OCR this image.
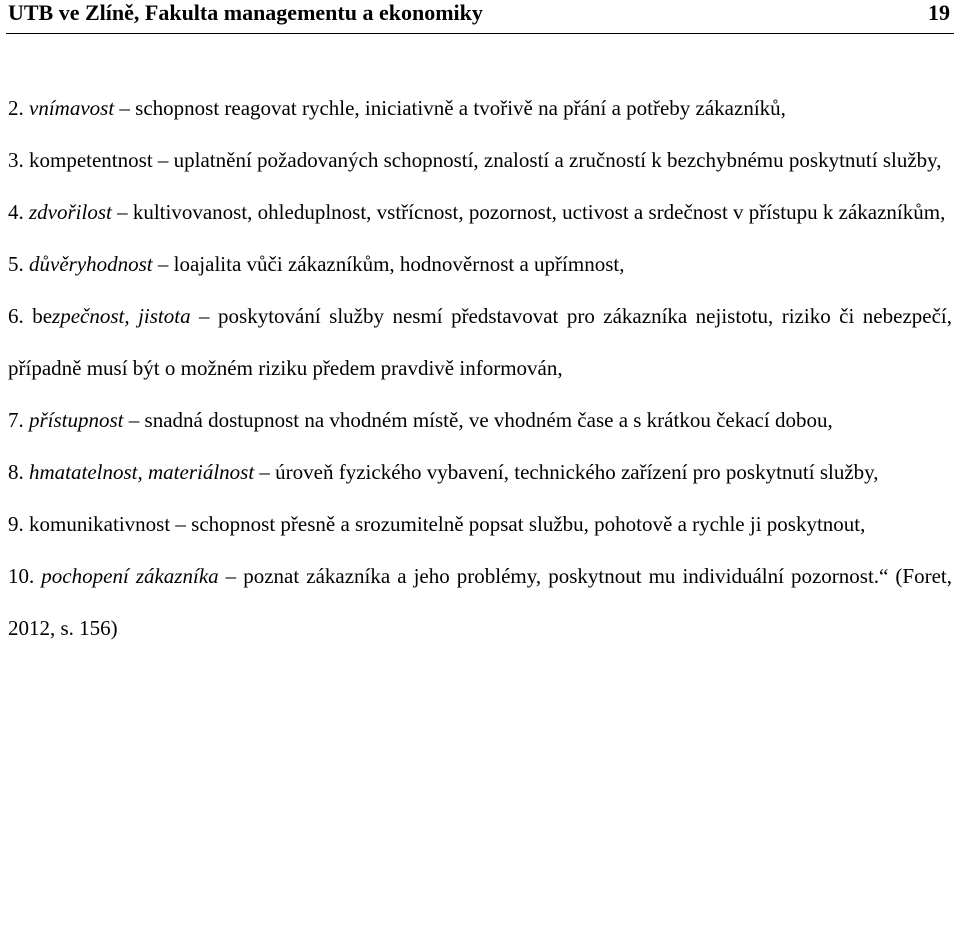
UTB ve Zlíně, Fakulta managementu a ekonomiky	19

2. vnímavost – schopnost reagovat rychle, iniciativně a tvořivě na přání a potřeby zákazníků,

3. kompetentnost – uplatnění požadovaných schopností, znalostí a zručností k bezchybnému poskytnutí služby,

4. zdvořilost – kultivovanost, ohleduplnost, vstřícnost, pozornost, uctivost a srdečnost v přístupu k zákazníkům,

5. důvěryhodnost – loajalita vůči zákazníkům, hodnověrnost a upřímnost,

6. bezpečnost, jistota – poskytování služby nesmí představovat pro zákazníka nejistotu, riziko či nebezpečí, případně musí být o možném riziku předem pravdivě informován,

7. přístupnost – snadná dostupnost na vhodném místě, ve vhodném čase a s krátkou čekací dobou,

8. hmatatelnost, materiálnost – úroveň fyzického vybavení, technického zařízení pro poskytnutí služby,

9. komunikativnost – schopnost přesně a srozumitelně popsat službu, pohotově a rychle ji poskytnout,

10. pochopení zákazníka – poznat zákazníka a jeho problémy, poskytnout mu individuální pozornost.“ (Foret, 2012, s. 156)
